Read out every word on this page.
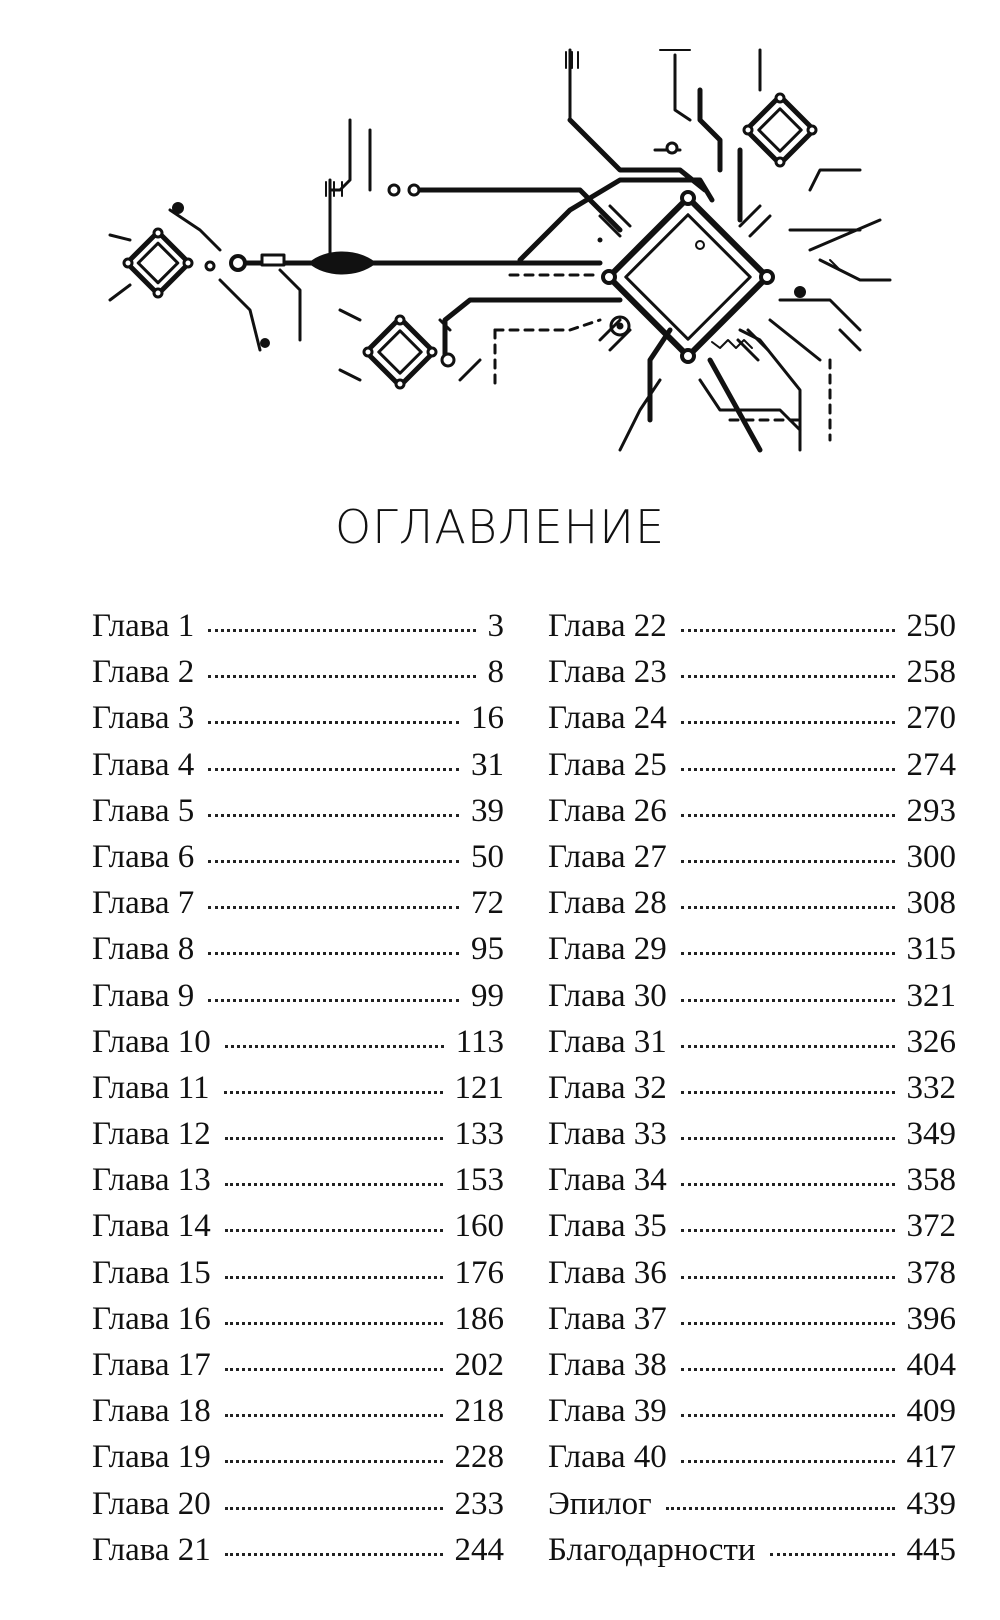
ОГЛАВЛЕНИЕ
Глава 1	3
Глава 2	8
Глава 3	16
Глава 4	31
Глава 5	39
Глава 6	50
Глава 7	72
Глава 8	95
Глава 9	99
Глава 10	113
Глава 11	121
Глава 12	133
Глава 13	153
Глава 14	160
Глава 15	176
Глава 16	186
Глава 17	202
Глава 18	218
Глава 19	228
Глава 20	233
Глава 21	244
Глава 22	250
Глава 23	258
Глава 24	270
Глава 25	274
Глава 26	293
Глава 27	300
Глава 28	308
Глава 29	315
Глава 30	321
Глава 31	326
Глава 32	332
Глава 33	349
Глава 34	358
Глава 35	372
Глава 36	378
Глава 37	396
Глава 38	404
Глава 39	409
Глава 40	417
Эпилог	439
Благодарности	445
